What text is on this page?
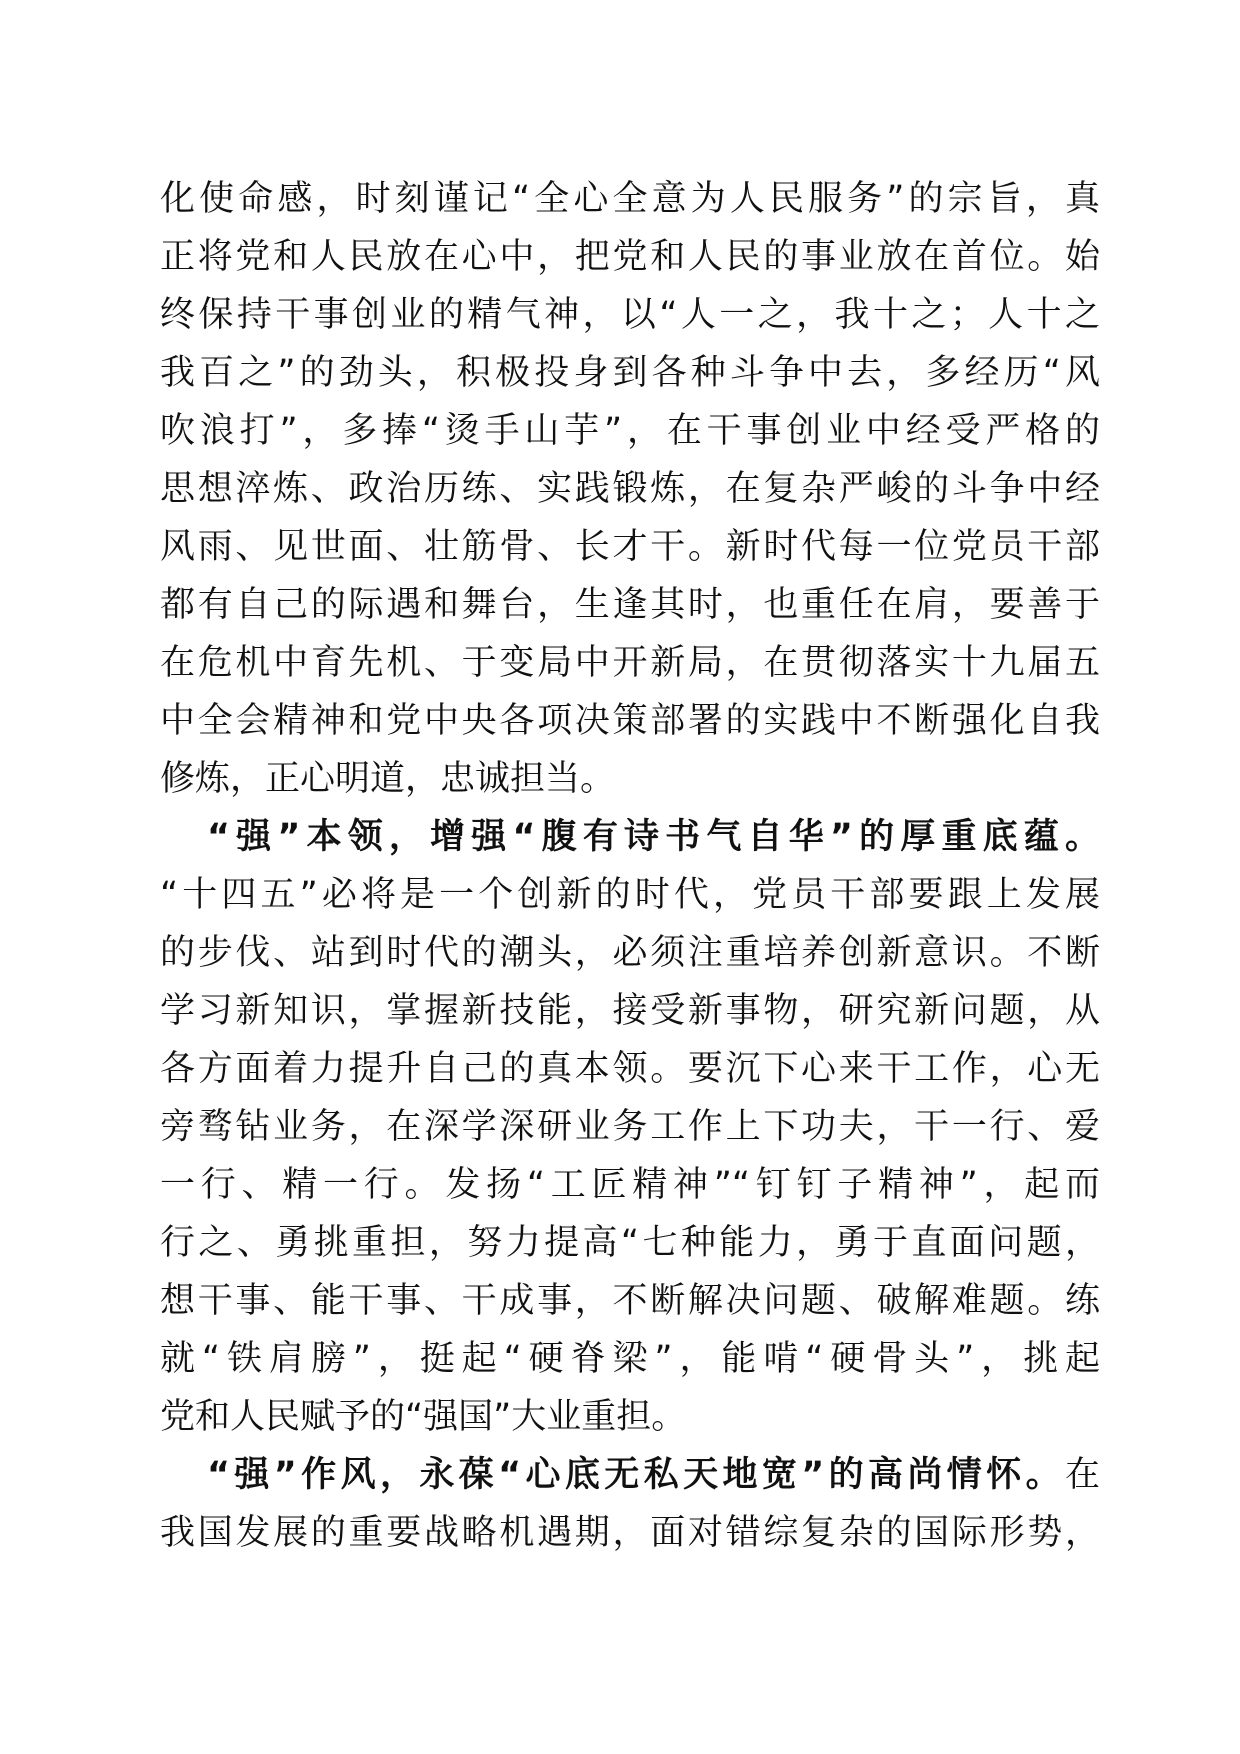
化使命感，时刻谨记“全心全意为人民服务”的宗旨，真
正将党和人民放在心中，把党和人民的事业放在首位。始
终保持干事创业的精气神，以“人一之，我十之；人十之
我百之”的劲头，积极投身到各种斗争中去，多经历“风
吹浪打”，多捧“烫手山芋”，在干事创业中经受严格的
思想淬炼、政治历练、实践锻炼，在复杂严峻的斗争中经
风雨、见世面、壮筋骨、长才干。新时代每一位党员干部
都有自己的际遇和舞台，生逢其时，也重任在肩，要善于
在危机中育先机、于变局中开新局，在贯彻落实十九届五
中全会精神和党中央各项决策部署的实践中不断强化自我
修炼，正心明道，忠诚担当。
“强”本领，增强“腹有诗书气自华”的厚重底蕴。
“十四五”必将是一个创新的时代，党员干部要跟上发展
的步伐、站到时代的潮头，必须注重培养创新意识。不断
学习新知识，掌握新技能，接受新事物，研究新问题，从
各方面着力提升自己的真本领。要沉下心来干工作，心无
旁骛钻业务，在深学深研业务工作上下功夫，干一行、爱
一行、精一行。发扬“工匠精神”“钉钉子精神”，起而
行之、勇挑重担，努力提高“七种能力，勇于直面问题，
想干事、能干事、干成事，不断解决问题、破解难题。练
就“铁肩膀”，挺起“硬脊梁”，能啃“硬骨头”，挑起
党和人民赋予的“强国”大业重担。
“强”作风，永葆“心底无私天地宽”的高尚情怀。在
我国发展的重要战略机遇期，面对错综复杂的国际形势，
